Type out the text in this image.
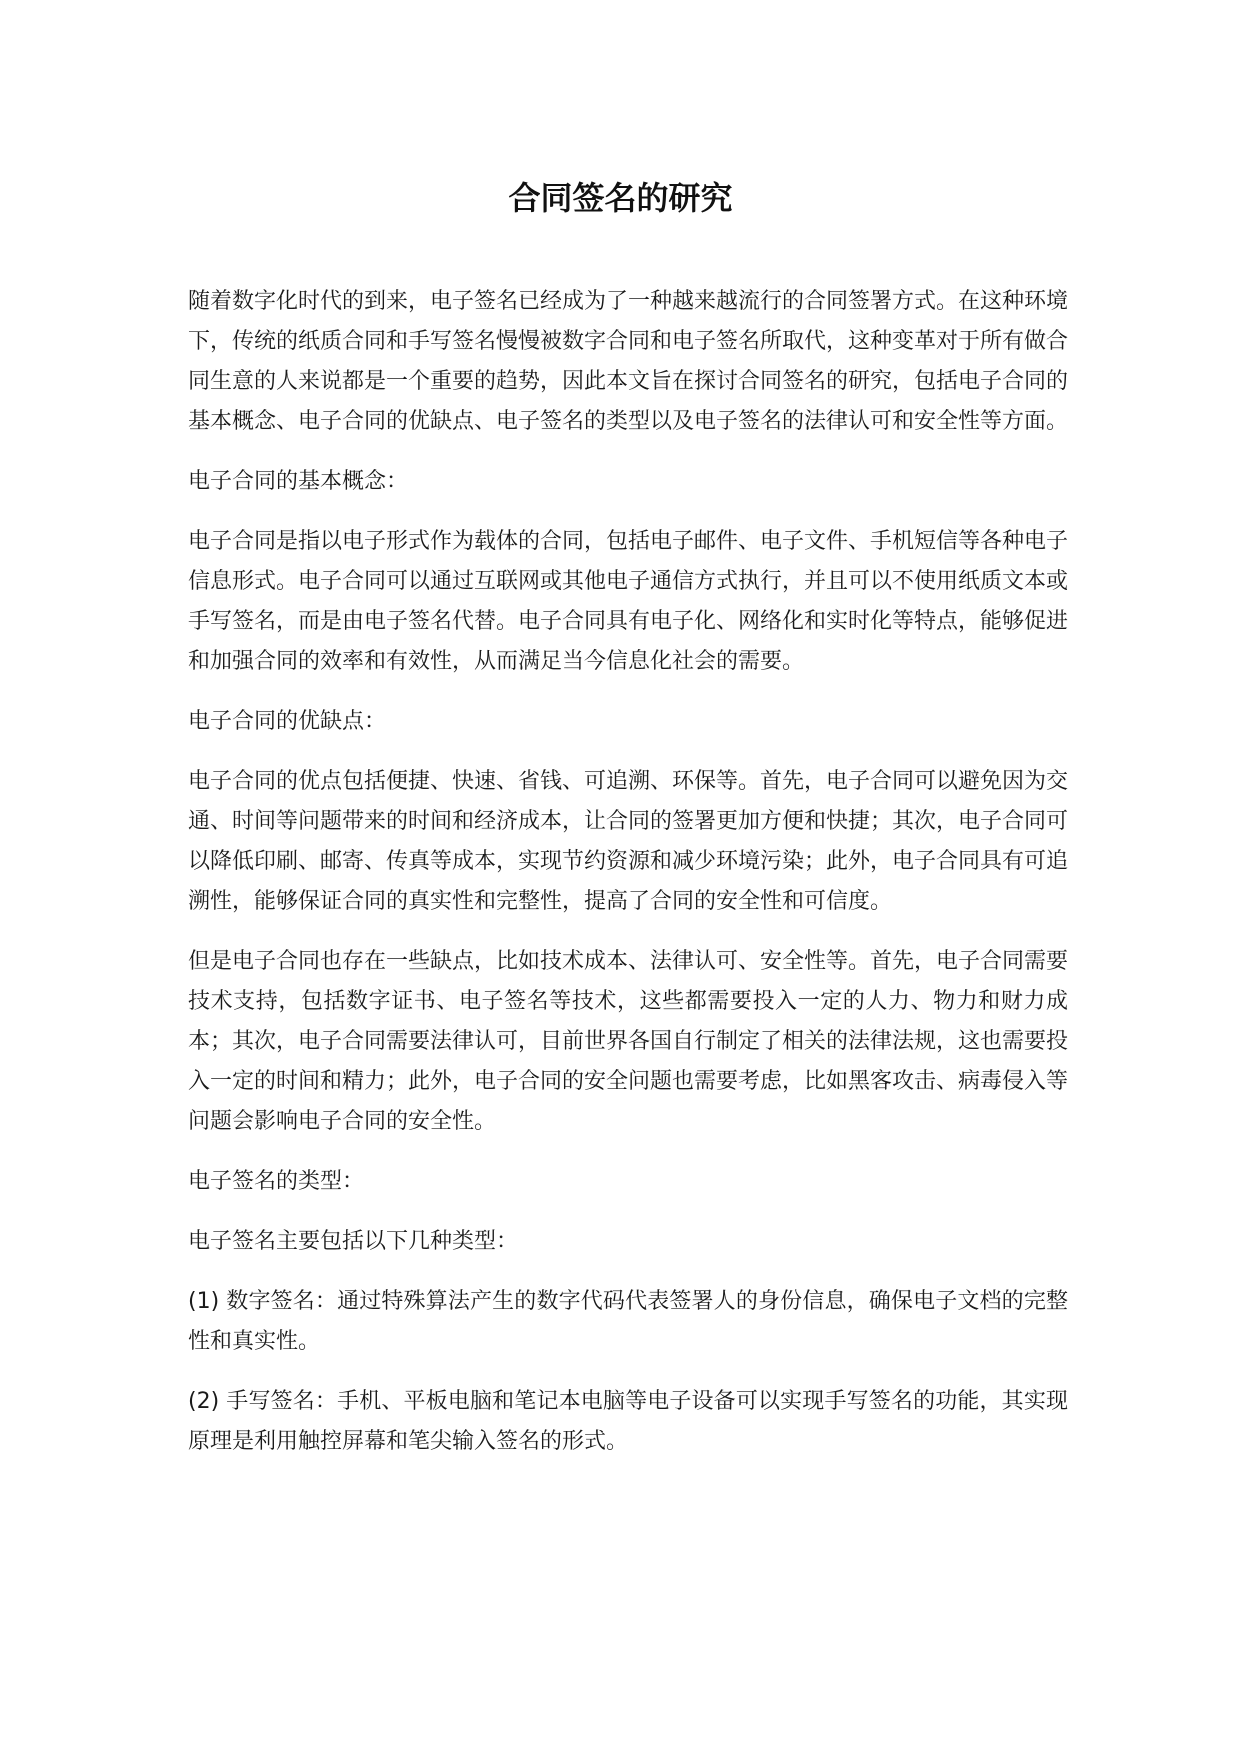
合同签名的研究

随着数字化时代的到来，电子签名已经成为了一种越来越流行的合同签署方式。在这种环境下，传统的纸质合同和手写签名慢慢被数字合同和电子签名所取代，这种变革对于所有做合同生意的人来说都是一个重要的趋势，因此本文旨在探讨合同签名的研究，包括电子合同的基本概念、电子合同的优缺点、电子签名的类型以及电子签名的法律认可和安全性等方面。

电子合同的基本概念：

电子合同是指以电子形式作为载体的合同，包括电子邮件、电子文件、手机短信等各种电子信息形式。电子合同可以通过互联网或其他电子通信方式执行，并且可以不使用纸质文本或手写签名，而是由电子签名代替。电子合同具有电子化、网络化和实时化等特点，能够促进和加强合同的效率和有效性，从而满足当今信息化社会的需要。

电子合同的优缺点：

电子合同的优点包括便捷、快速、省钱、可追溯、环保等。首先，电子合同可以避免因为交通、时间等问题带来的时间和经济成本，让合同的签署更加方便和快捷；其次，电子合同可以降低印刷、邮寄、传真等成本，实现节约资源和减少环境污染；此外，电子合同具有可追溯性，能够保证合同的真实性和完整性，提高了合同的安全性和可信度。

但是电子合同也存在一些缺点，比如技术成本、法律认可、安全性等。首先，电子合同需要技术支持，包括数字证书、电子签名等技术，这些都需要投入一定的人力、物力和财力成本；其次，电子合同需要法律认可，目前世界各国自行制定了相关的法律法规，这也需要投入一定的时间和精力；此外，电子合同的安全问题也需要考虑，比如黑客攻击、病毒侵入等问题会影响电子合同的安全性。

电子签名的类型：

电子签名主要包括以下几种类型：

(1) 数字签名：通过特殊算法产生的数字代码代表签署人的身份信息，确保电子文档的完整性和真实性。

(2) 手写签名：手机、平板电脑和笔记本电脑等电子设备可以实现手写签名的功能，其实现原理是利用触控屏幕和笔尖输入签名的形式。
